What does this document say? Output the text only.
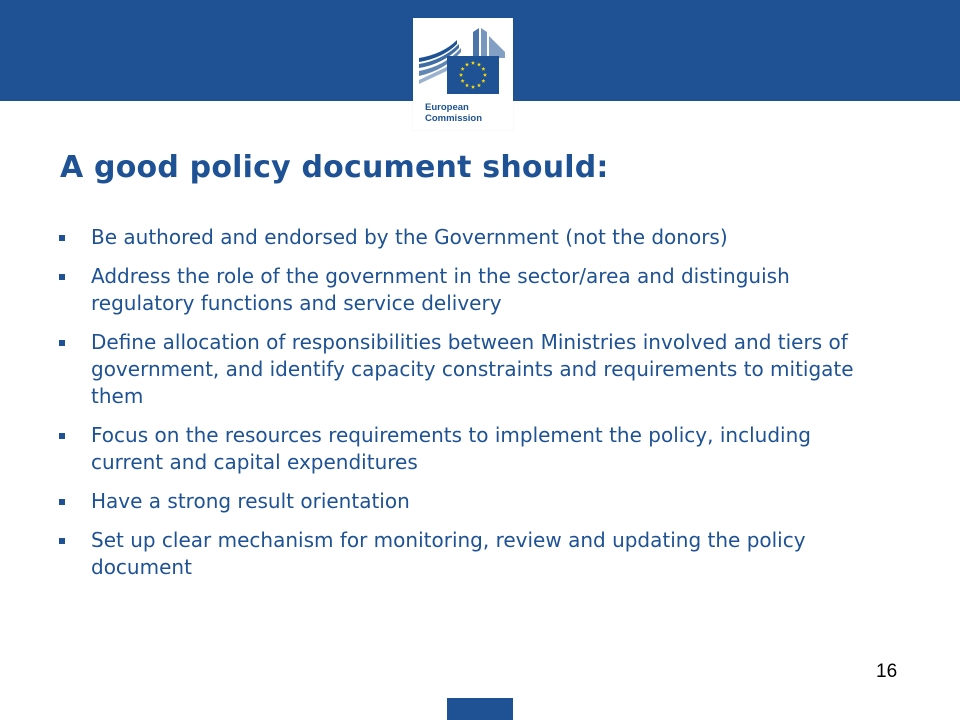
European
Commission
A good policy document should:
Be authored and endorsed by the Government (not the donors)
Address the role of the government in the sector/area and distinguish regulatory functions and service delivery
Define allocation of responsibilities between Ministries involved and tiers of government, and identify capacity constraints and requirements to mitigate them
Focus on the resources requirements to implement the policy, including current and capital expenditures
Have a strong result orientation
Set up clear mechanism for monitoring, review and updating the policy document
16
